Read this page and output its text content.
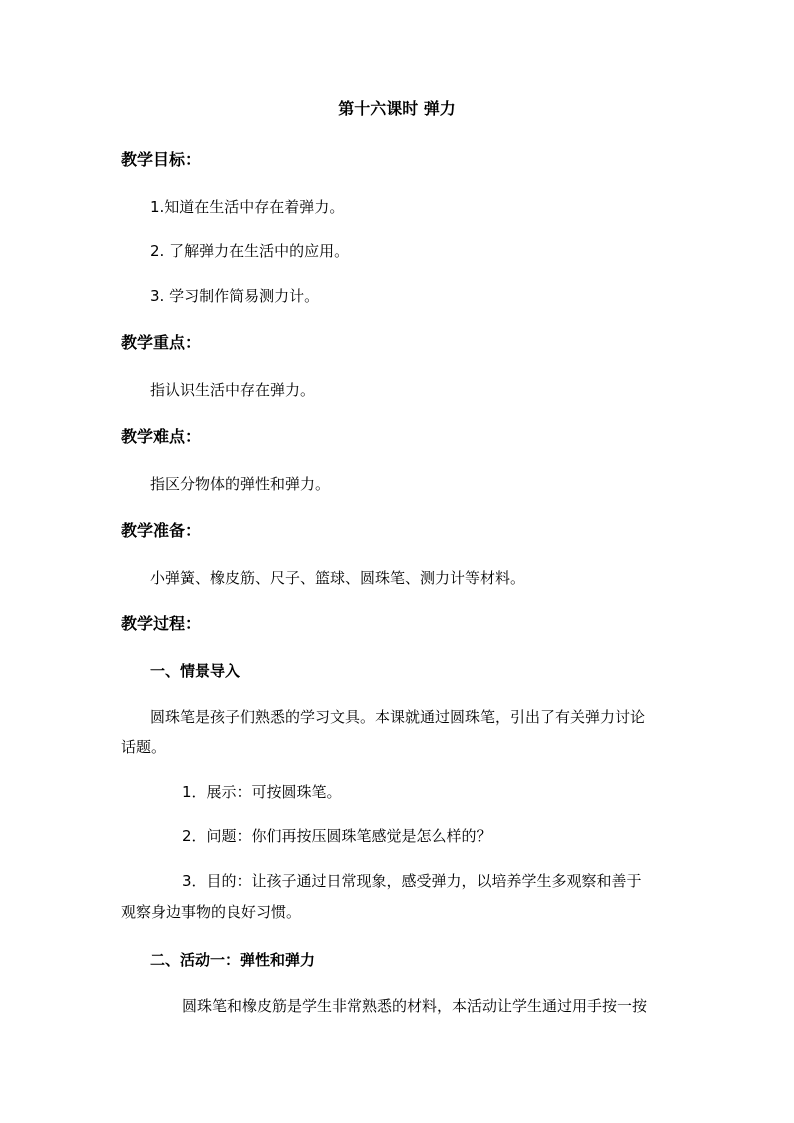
第十六课时 弹力
教学目标：
1.知道在生活中存在着弹力。
2. 了解弹力在生活中的应用。
3. 学习制作简易测力计。
教学重点：
指认识生活中存在弹力。
教学难点：
指区分物体的弹性和弹力。
教学准备：
小弹簧、橡皮筋、尺子、篮球、圆珠笔、测力计等材料。
教学过程：
一、情景导入
圆珠笔是孩子们熟悉的学习文具。本课就通过圆珠笔，引出了有关弹力讨论
话题。
1．展示：可按圆珠笔。
2．问题：你们再按压圆珠笔感觉是怎么样的？
3．目的：让孩子通过日常现象，感受弹力，以培养学生多观察和善于
观察身边事物的良好习惯。
二、活动一：弹性和弹力
圆珠笔和橡皮筋是学生非常熟悉的材料，本活动让学生通过用手按一按
